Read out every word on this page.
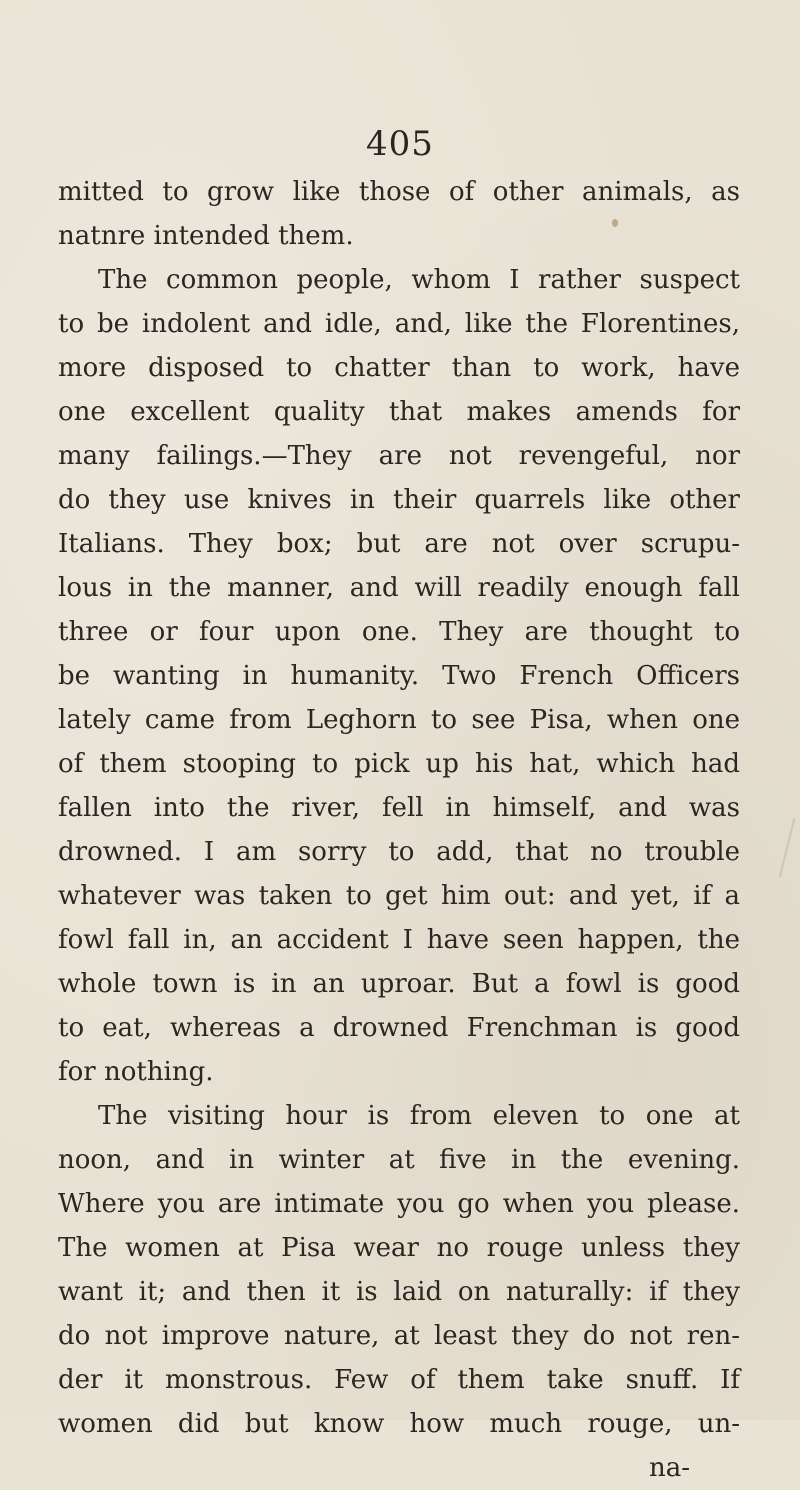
405
mitted to grow like those of other animals, as
natnre intended them.
The common people, whom I rather suspect
to be indolent and idle, and, like the Florentines,
more disposed to chatter than to work, have
one excellent quality that makes amends for
many failings.—They are not revengeful, nor
do they use knives in their quarrels like other
Italians. They box; but are not over scrupu-
lous in the manner, and will readily enough fall
three or four upon one. They are thought to
be wanting in humanity. Two French Officers
lately came from Leghorn to see Pisa, when one
of them stooping to pick up his hat, which had
fallen into the river, fell in himself, and was
drowned. I am sorry to add, that no trouble
whatever was taken to get him out: and yet, if a
fowl fall in, an accident I have seen happen, the
whole town is in an uproar. But a fowl is good
to eat, whereas a drowned Frenchman is good
for nothing.
The visiting hour is from eleven to one at
noon, and in winter at five in the evening.
Where you are intimate you go when you please.
The women at Pisa wear no rouge unless they
want it; and then it is laid on naturally: if they
do not improve nature, at least they do not ren-
der it monstrous. Few of them take snuff. If
women did but know how much rouge, un-
na-
